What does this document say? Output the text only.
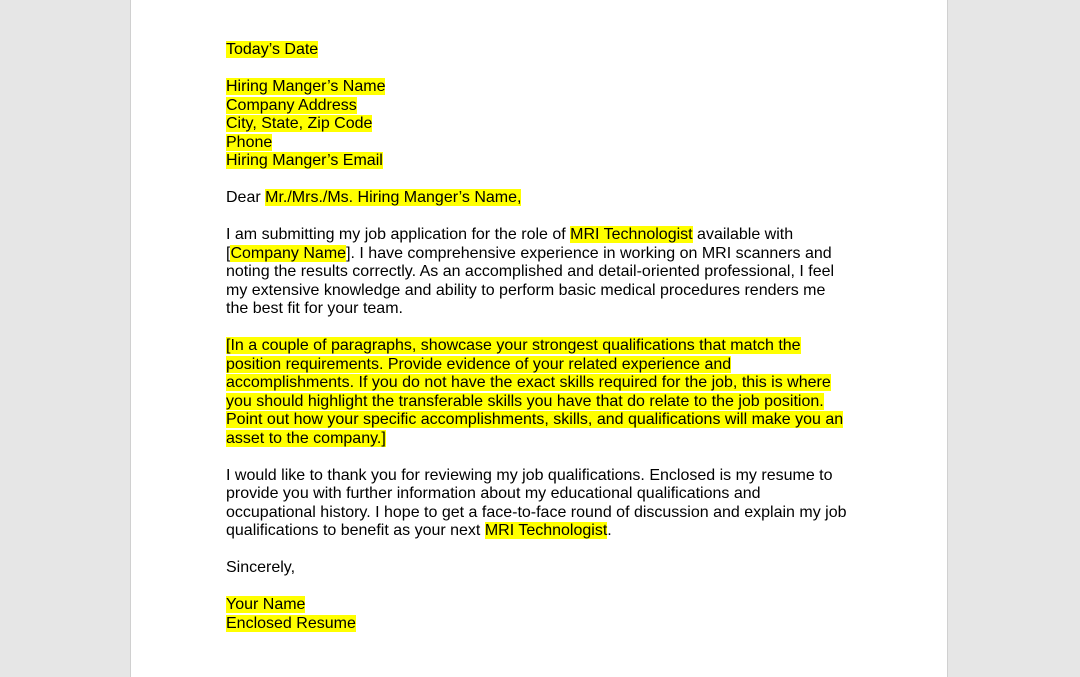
Today’s Date

Hiring Manger’s Name
Company Address
City, State, Zip Code
Phone
Hiring Manger’s Email

Dear Mr./Mrs./Ms. Hiring Manger’s Name,

I am submitting my job application for the role of MRI Technologist available with
[Company Name]. I have comprehensive experience in working on MRI scanners and
noting the results correctly. As an accomplished and detail-oriented professional, I feel
my extensive knowledge and ability to perform basic medical procedures renders me
the best fit for your team.

[In a couple of paragraphs, showcase your strongest qualifications that match the
position requirements. Provide evidence of your related experience and
accomplishments. If you do not have the exact skills required for the job, this is where
you should highlight the transferable skills you have that do relate to the job position.
Point out how your specific accomplishments, skills, and qualifications will make you an
asset to the company.]

I would like to thank you for reviewing my job qualifications. Enclosed is my resume to
provide you with further information about my educational qualifications and
occupational history. I hope to get a face-to-face round of discussion and explain my job
qualifications to benefit as your next MRI Technologist.

Sincerely,

Your Name
Enclosed Resume
